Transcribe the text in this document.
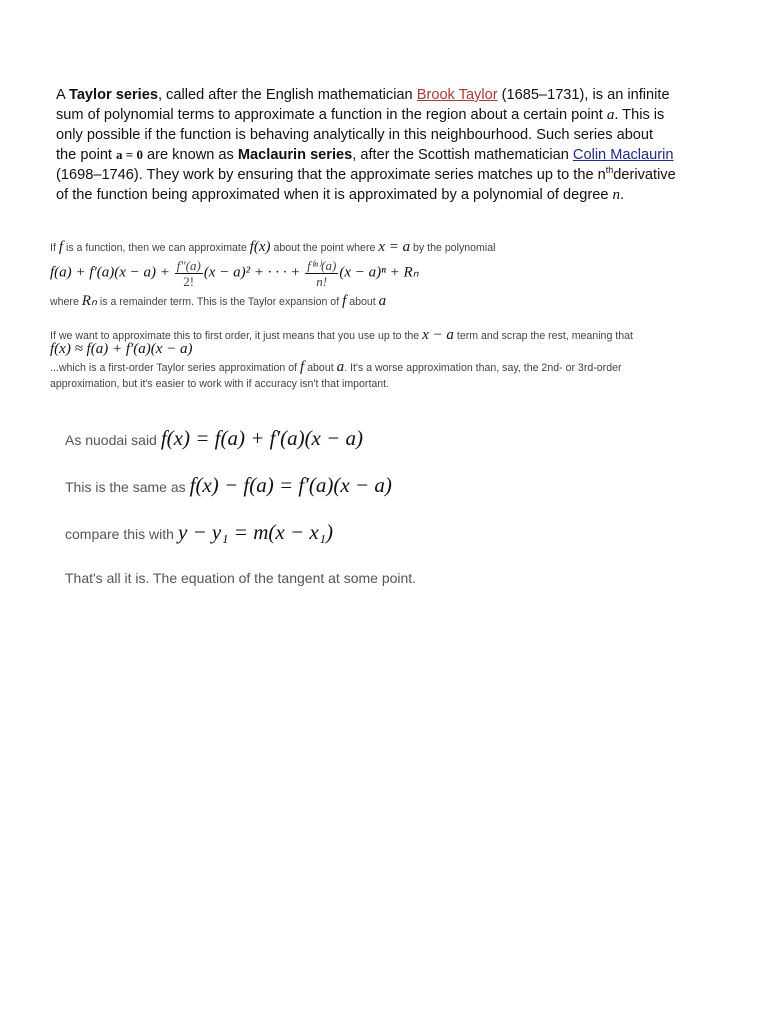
A Taylor series, called after the English mathematician Brook Taylor (1685–1731), is an infinite sum of polynomial terms to approximate a function in the region about a certain point a. This is only possible if the function is behaving analytically in this neighbourhood. Such series about the point a = 0 are known as Maclaurin series, after the Scottish mathematician Colin Maclaurin (1698–1746). They work by ensuring that the approximate series matches up to the $n^{th}derivative$ of the function being approximated when it is approximated by a polynomial of degree n.

If f is a function, then we can approximate f(x) about the point where x = a by the polynomial
$f(a) + f'(a)(x - a) + \frac{f''(a)}{2!} (x - a)^2$ + · · · + $\frac{\text{f⁽ⁿ⁾(a)}}{n!} (x - a)^n + R_n$
where Rₙ is a remainder term. This is the Taylor expansion of f about a
If we want to approximate this to first order, it just means that you use up to the x − a term and scrap the rest, meaning that
f(x) ≈ f(a) + f′(a)(x − a)
...which is a first-order Taylor series approximation of f about a. It's a worse approximation than, say, the 2nd- or 3rd-order
approximation, but it's easier to work with if accuracy isn't that important.
As nuodai said f(x) = f(a) + f′(a)(x − a)
This is the same as f(x) − f(a) = f′(a)(x − a)
compare this with y − y₁ = m(x − x₁)
That's all it is. The equation of the tangent at some point.
